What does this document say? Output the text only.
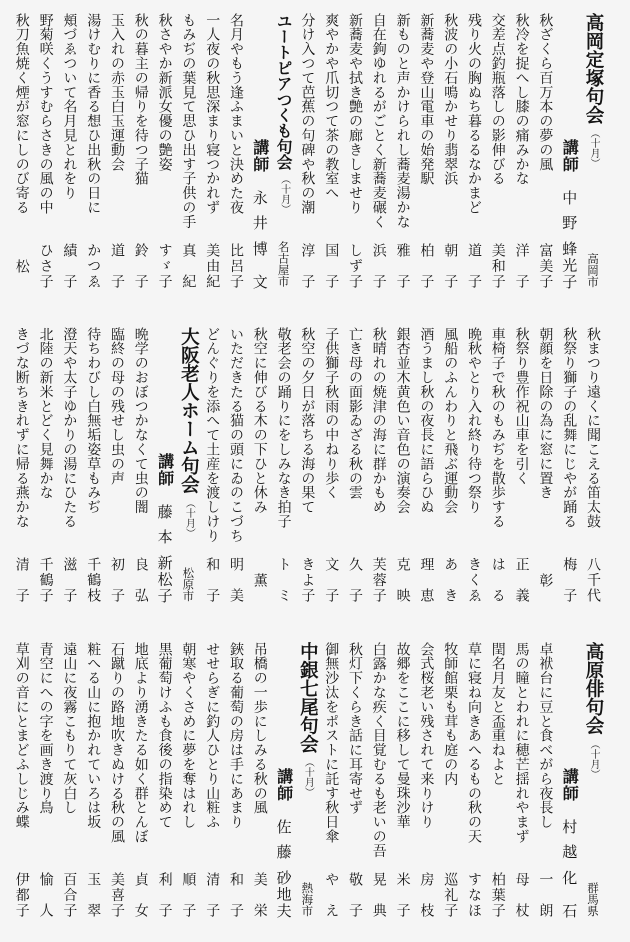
高岡定塚句会（十月）
高岡市
講師
中野
蜂光子
秋ざくら百万本の夢の風
富美子
秋冷を捉へし膝の痛みかな
洋子
交差点釣瓶落しの影伸びる
美和子
残り火の胸ぬち暮るるなかまど
道子
秋波の小石鳴かせり翡翠浜
朝子
新蕎麦や登山電車の始発駅
柏子
新ものと声かけられし蕎麦湯かな
雅子
自在鉤ゆれるがごとく新蕎麦碾く
浜子
新蕎麦や拭き艶の廊きしませり
しず子
爽やかや爪切つて茶の教室へ
国子
分け入つて芭蕉の句碑や秋の潮
淳子
ユートピアつくも句会（十月）
名古屋市
講師
永井
博文
名月やもう逢ふまいと決めた夜
比呂子
一人夜の秋思深まり寝つかれず
美由紀
もみぢの葉見て思ひ出す子供の手
真紀
秋さやか新派女優の艶姿
すゞ子
秋の暮主の帰りを待つ子猫
鈴子
玉入れの赤玉白玉運動会
道子
湯けむりに香る想ひ出秋の日に
かつゑ
頬づゑついて名月見とれをり
績子
野菊咲くうすむらさきの風の中
ひさ子
秋刀魚焼く煙が窓にしのび寄る
松
秋まつり遠くに聞こえる笛太鼓
八千代
秋祭り獅子の乱舞にじやが踊る
梅子
朝顔を日除の為に窓に置き
彰
秋祭り豊作祝山車を引く
正義
車椅子で秋のもみぢを散歩する
はる
晩秋やとり入れ終り待つ祭り
きくゑ
風船のふんわりと飛ぶ運動会
あき
酒うまし秋の夜長に語らひぬ
理恵
銀杏並木黄色い音色の演奏会
克映
秋晴れの焼津の海に群かもめ
芙蓉子
亡き母の面影ゐざる秋の雲
久子
子供獅子秋雨の中ねり歩く
文子
秋空の夕日が落ちる海の果て
きよ子
敬老会の踊りにをしみなき拍子
トミ
秋空に伸びる木の下ひと休み
薫
いただきたる猫の頭にゐのこづち
明美
どんぐりを添へて土産を渡しけり
和子
大阪老人ホーム句会（十月）
松原市
講師
藤本
新松子
晩学のおぼつかなくて虫の闇
良弘
臨終の母の残せし虫の声
初子
待ちわびし白無垢姿草もみぢ
千鶴枝
澄天や太子ゆかりの湯にひたる
滋子
北陸の新米とどく見舞かな
千鶴子
きづな断ちきれずに帰る燕かな
清子
高原俳句会（十月）
群馬県
講師
村越
化石
卓袱台に豆と食べがら夜長し
一朗
馬の瞳とわれに穂芒揺れやまず
母杖
閏名月友と盃重ねよと
柏葉子
草に寝ね向きあへるもの秋の天
すなほ
牧師館栗も茸も庭の内
巡礼子
会式桜老い残されて来りけり
房枝
故郷をここに移して曼珠沙華
米子
白露かな疾く目覚むるも老いの吾
晃典
秋灯下くらき話に耳寄せず
敬子
御無沙汰をポストに託す秋日傘
やえ
中銀七尾句会（十月）
熱海市
講師
佐藤
砂地夫
吊橋の一歩にしみる秋の風
美栄
鋏取る葡萄の房は手にあまり
和子
せせらぎに釣人ひとり山粧ふ
清子
朝寒やくさめに夢を奪はれし
順子
黒葡萄けふも食後の指染めて
利子
地底より湧きたる如く群とんぼ
貞女
石蹴りの路地吹きぬける秋の風
美喜子
粧へる山に抱かれていろは坂
玉翠
遠山に夜霧こもりて灰白し
百合子
青空にへの字を画き渡り鳥
愉人
草刈の音にとまどふしじみ蝶
伊都子
